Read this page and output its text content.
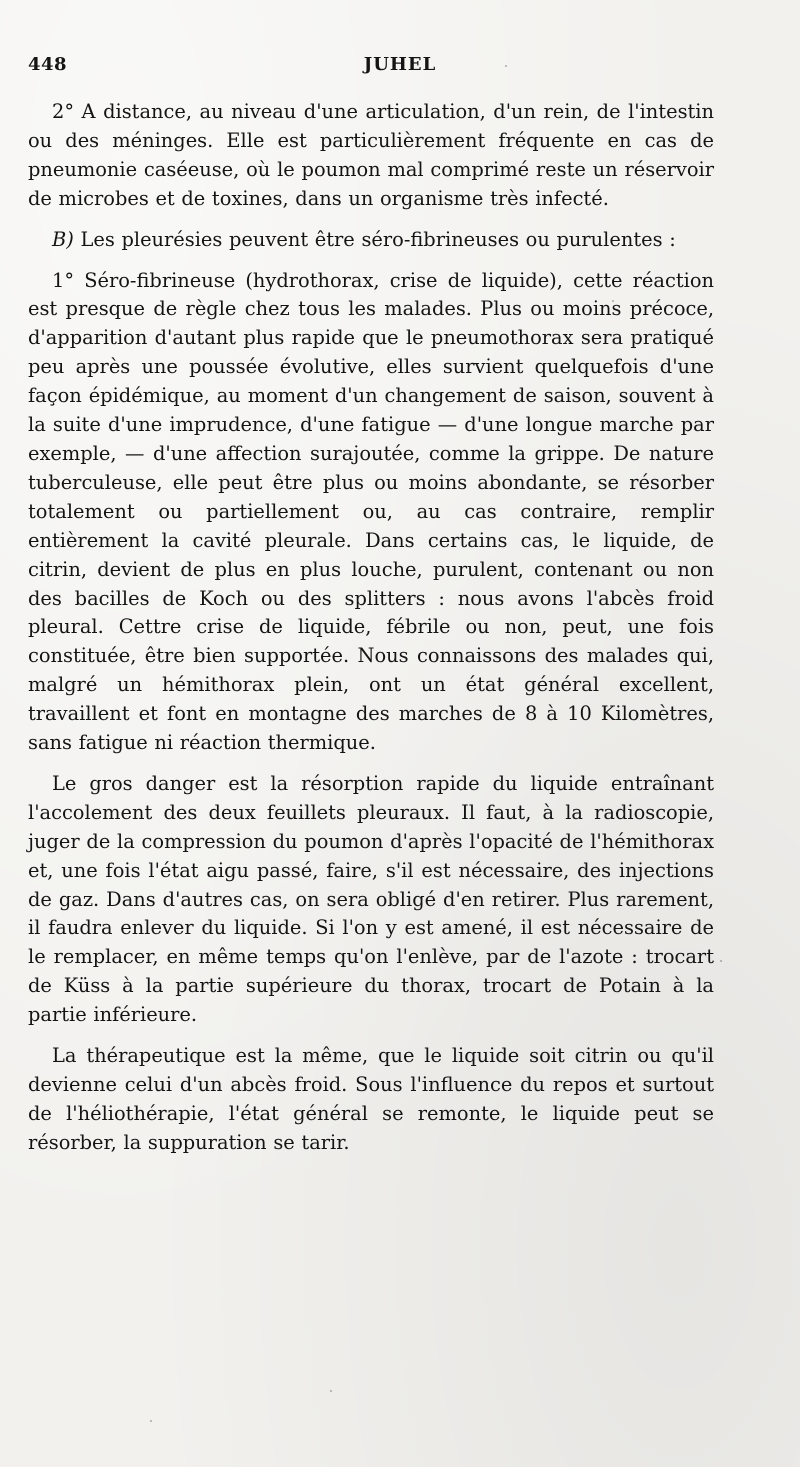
448	JUHEL

2° A distance, au niveau d'une articulation, d'un rein, de l'intestin ou des méninges. Elle est particulièrement fréquente en cas de pneumonie caséeuse, où le poumon mal comprimé reste un réservoir de microbes et de toxines, dans un organisme très infecté.

B) Les pleurésies peuvent être séro-fibrineuses ou purulentes :

1° Séro-fibrineuse (hydrothorax, crise de liquide), cette réaction est presque de règle chez tous les malades. Plus ou moins précoce, d'apparition d'autant plus rapide que le pneumothorax sera pratiqué peu après une poussée évolutive, elles survient quelquefois d'une façon épidémique, au moment d'un changement de saison, souvent à la suite d'une imprudence, d'une fatigue — d'une longue marche par exemple, — d'une affection surajoutée, comme la grippe. De nature tuberculeuse, elle peut être plus ou moins abondante, se résorber totalement ou partiellement ou, au cas contraire, remplir entièrement la cavité pleurale. Dans certains cas, le liquide, de citrin, devient de plus en plus louche, purulent, contenant ou non des bacilles de Koch ou des splitters : nous avons l'abcès froid pleural. Cettre crise de liquide, fébrile ou non, peut, une fois constituée, être bien supportée. Nous connaissons des malades qui, malgré un hémithorax plein, ont un état général excellent, travaillent et font en montagne des marches de 8 à 10 Kilomètres, sans fatigue ni réaction thermique.

Le gros danger est la résorption rapide du liquide entraînant l'accolement des deux feuillets pleuraux. Il faut, à la radioscopie, juger de la compression du poumon d'après l'opacité de l'hémithorax et, une fois l'état aigu passé, faire, s'il est nécessaire, des injections de gaz. Dans d'autres cas, on sera obligé d'en retirer. Plus rarement, il faudra enlever du liquide. Si l'on y est amené, il est nécessaire de le remplacer, en même temps qu'on l'enlève, par de l'azote : trocart de Küss à la partie supérieure du thorax, trocart de Potain à la partie inférieure.

La thérapeutique est la même, que le liquide soit citrin ou qu'il devienne celui d'un abcès froid. Sous l'influence du repos et surtout de l'héliothérapie, l'état général se remonte, le liquide peut se résorber, la suppuration se tarir.
